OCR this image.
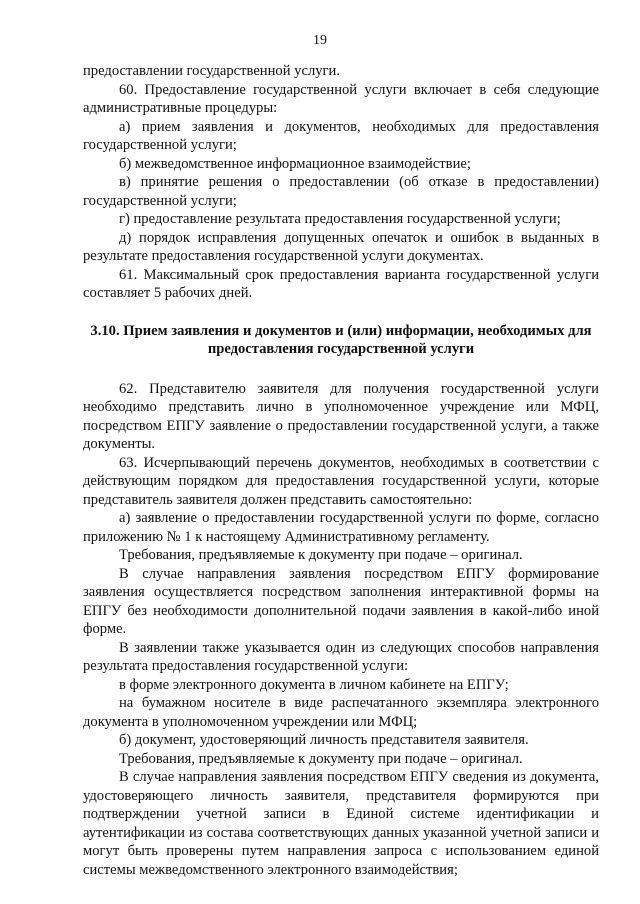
19

предоставлении государственной услуги.

60. Предоставление государственной услуги включает в себя следующие административные процедуры:

а) прием заявления и документов, необходимых для предоставления государственной услуги;

б) межведомственное информационное взаимодействие;

в) принятие решения о предоставлении (об отказе в предоставлении) государственной услуги;

г) предоставление результата предоставления государственной услуги;

д) порядок исправления допущенных опечаток и ошибок в выданных в результате предоставления государственной услуги документах.

61. Максимальный срок предоставления варианта государственной услуги составляет 5 рабочих дней.

3.10. Прием заявления и документов и (или) информации, необходимых для предоставления государственной услуги

62. Представителю заявителя для получения государственной услуги необходимо представить лично в уполномоченное учреждение или МФЦ, посредством ЕПГУ заявление о предоставлении государственной услуги, а также документы.

63. Исчерпывающий перечень документов, необходимых в соответствии с действующим порядком для предоставления государственной услуги, которые представитель заявителя должен представить самостоятельно:

а) заявление о предоставлении государственной услуги по форме, согласно приложению № 1 к настоящему Административному регламенту.

Требования, предъявляемые к документу при подаче – оригинал.

В случае направления заявления посредством ЕПГУ формирование заявления осуществляется посредством заполнения интерактивной формы на ЕПГУ без необходимости дополнительной подачи заявления в какой-либо иной форме.

В заявлении также указывается один из следующих способов направления результата предоставления государственной услуги:

в форме электронного документа в личном кабинете на ЕПГУ;

на бумажном носителе в виде распечатанного экземпляра электронного документа в уполномоченном учреждении или МФЦ;

б) документ, удостоверяющий личность представителя заявителя.

Требования, предъявляемые к документу при подаче – оригинал.

В случае направления заявления посредством ЕПГУ сведения из документа, удостоверяющего личность заявителя, представителя формируются при подтверждении учетной записи в Единой системе идентификации и аутентификации из состава соответствующих данных указанной учетной записи и могут быть проверены путем направления запроса с использованием единой системы межведомственного электронного взаимодействия;
